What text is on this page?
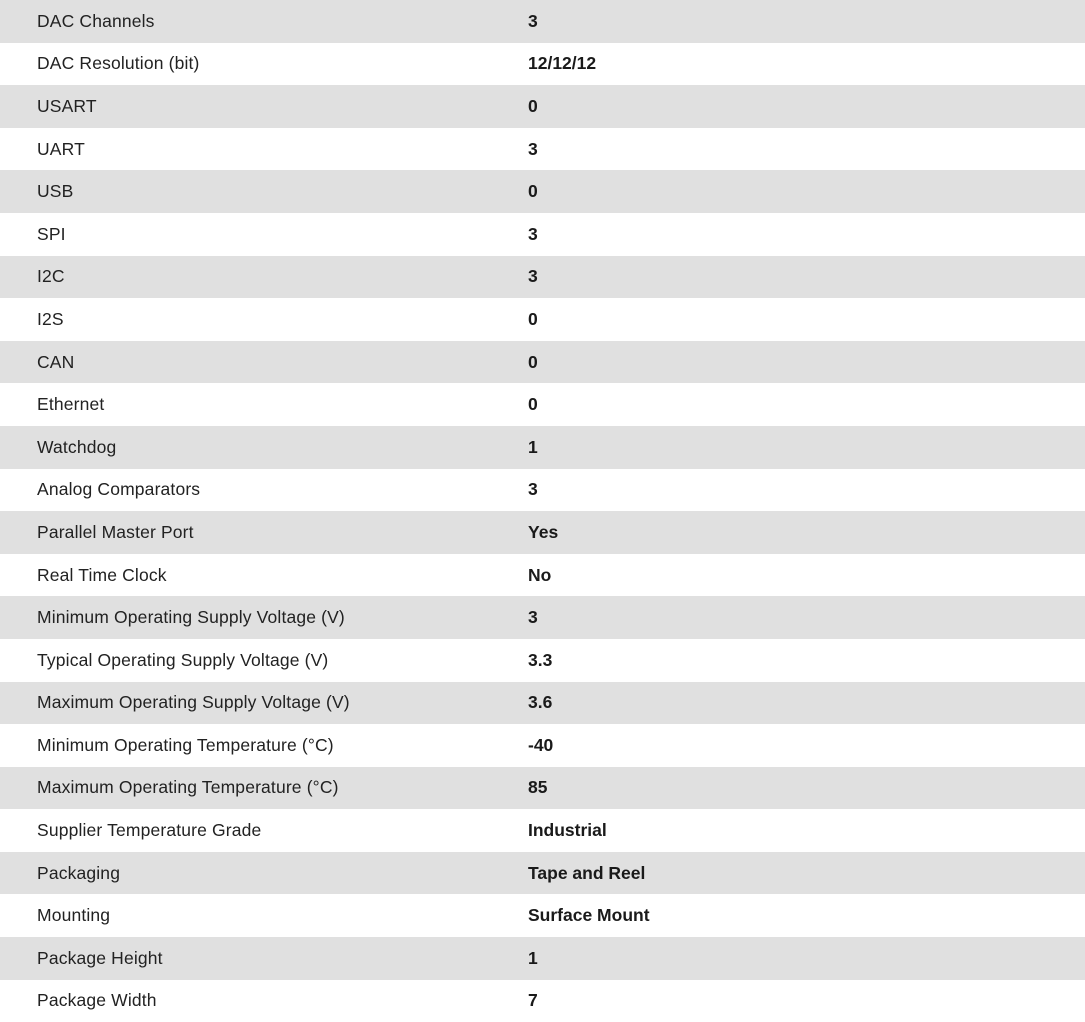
DAC Channels	3
DAC Resolution (bit)	12/12/12
USART	0
UART	3
USB	0
SPI	3
I2C	3
I2S	0
CAN	0
Ethernet	0
Watchdog	1
Analog Comparators	3
Parallel Master Port	Yes
Real Time Clock	No
Minimum Operating Supply Voltage (V)	3
Typical Operating Supply Voltage (V)	3.3
Maximum Operating Supply Voltage (V)	3.6
Minimum Operating Temperature (°C)	-40
Maximum Operating Temperature (°C)	85
Supplier Temperature Grade	Industrial
Packaging	Tape and Reel
Mounting	Surface Mount
Package Height	1
Package Width	7
